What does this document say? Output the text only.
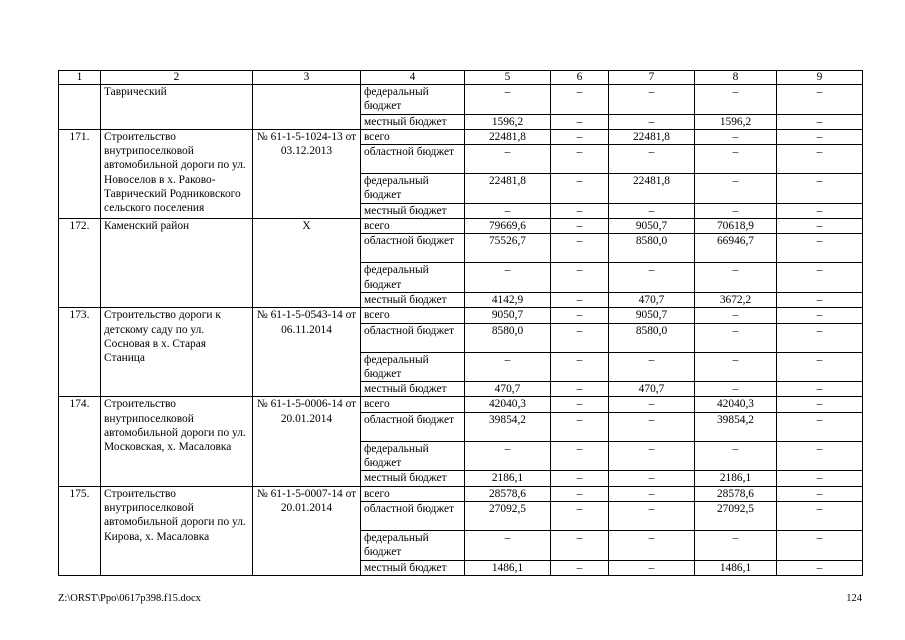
1	2	3	4	5	6	7	8	9
	Таврический		федеральный бюджет	–	–	–	–	–
			местный бюджет	1596,2	–	–	1596,2	–
171.	Строительство внутрипоселковой автомобильной дороги по ул. Новоселов в х. Раково-Таврический Родниковского сельского поселения	№ 61-1-5-1024-13 от 03.12.2013	всего	22481,8	–	22481,8	–	–
			областной бюджет	–	–	–	–	–
			федеральный бюджет	22481,8	–	22481,8	–	–
			местный бюджет	–	–	–	–	–
172.	Каменский район	Х	всего	79669,6	–	9050,7	70618,9	–
			областной бюджет	75526,7	–	8580,0	66946,7	–
			федеральный бюджет	–	–	–	–	–
			местный бюджет	4142,9	–	470,7	3672,2	–
173.	Строительство дороги к детскому саду по ул. Сосновая в х. Старая Станица	№ 61-1-5-0543-14 от 06.11.2014	всего	9050,7	–	9050,7	–	–
			областной бюджет	8580,0	–	8580,0	–	–
			федеральный бюджет	–	–	–	–	–
			местный бюджет	470,7	–	470,7	–	–
174.	Строительство внутрипоселковой автомобильной дороги по ул. Московская, х. Масаловка	№ 61-1-5-0006-14 от 20.01.2014	всего	42040,3	–	–	42040,3	–
			областной бюджет	39854,2	–	–	39854,2	–
			федеральный бюджет	–	–	–	–	–
			местный бюджет	2186,1	–	–	2186,1	–
175.	Строительство внутрипоселковой автомобильной дороги по ул. Кирова, х. Масаловка	№ 61-1-5-0007-14 от 20.01.2014	всего	28578,6	–	–	28578,6	–
			областной бюджет	27092,5	–	–	27092,5	–
			федеральный бюджет	–	–	–	–	–
			местный бюджет	1486,1	–	–	1486,1	–
Z:\ORST\Ppo\0617p398.f15.docx	124
